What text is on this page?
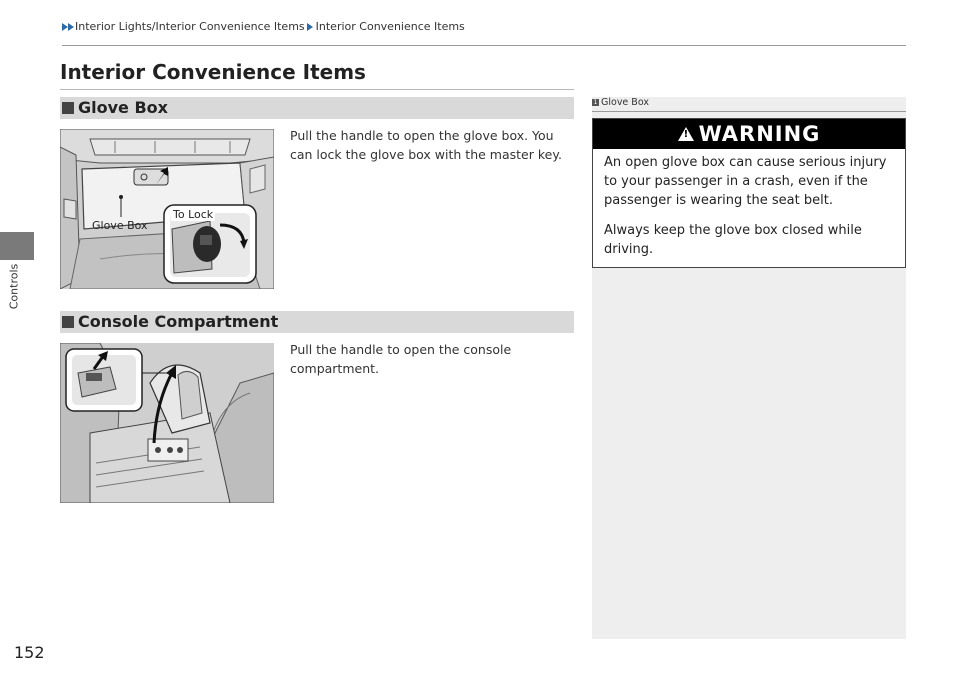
Interior Lights/Interior Convenience Items Interior Convenience Items
Controls
Interior Convenience Items
Glove Box
Glove Box
To Lock
Pull the handle to open the glove box. You can lock the glove box with the master key.
Console Compartment
Pull the handle to open the console compartment.
1 Glove Box
!
WARNING
An open glove box can cause serious injury to your passenger in a crash, even if the passenger is wearing the seat belt.
Always keep the glove box closed while driving.
152
